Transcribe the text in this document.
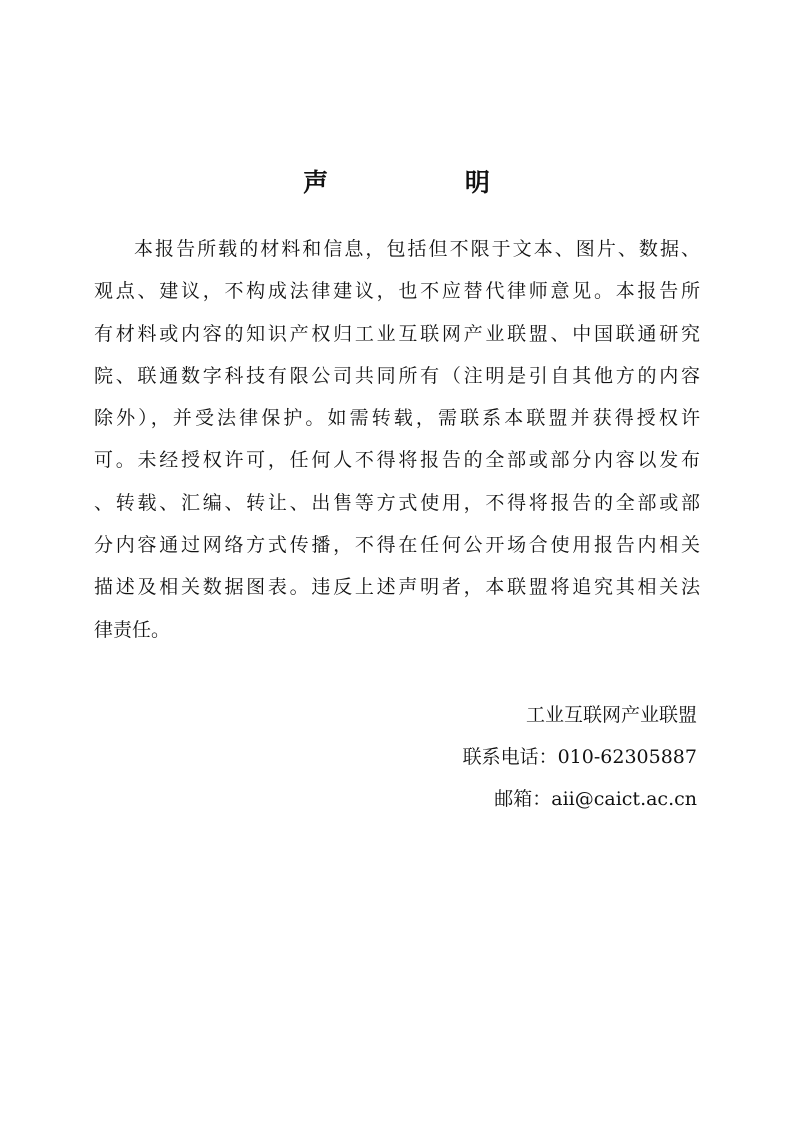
声 明
本报告所载的材料和信息，包括但不限于文本、图片、数据、
观点、建议，不构成法律建议，也不应替代律师意见。本报告所
有材料或内容的知识产权归工业互联网产业联盟、中国联通研究
院、联通数字科技有限公司共同所有（注明是引自其他方的内容
除外），并受法律保护。如需转载，需联系本联盟并获得授权许
可。未经授权许可，任何人不得将报告的全部或部分内容以发布
、转载、汇编、转让、出售等方式使用，不得将报告的全部或部
分内容通过网络方式传播，不得在任何公开场合使用报告内相关
描述及相关数据图表。违反上述声明者，本联盟将追究其相关法
律责任。
工业互联网产业联盟
联系电话：010-62305887
邮箱：aii@caict.ac.cn
